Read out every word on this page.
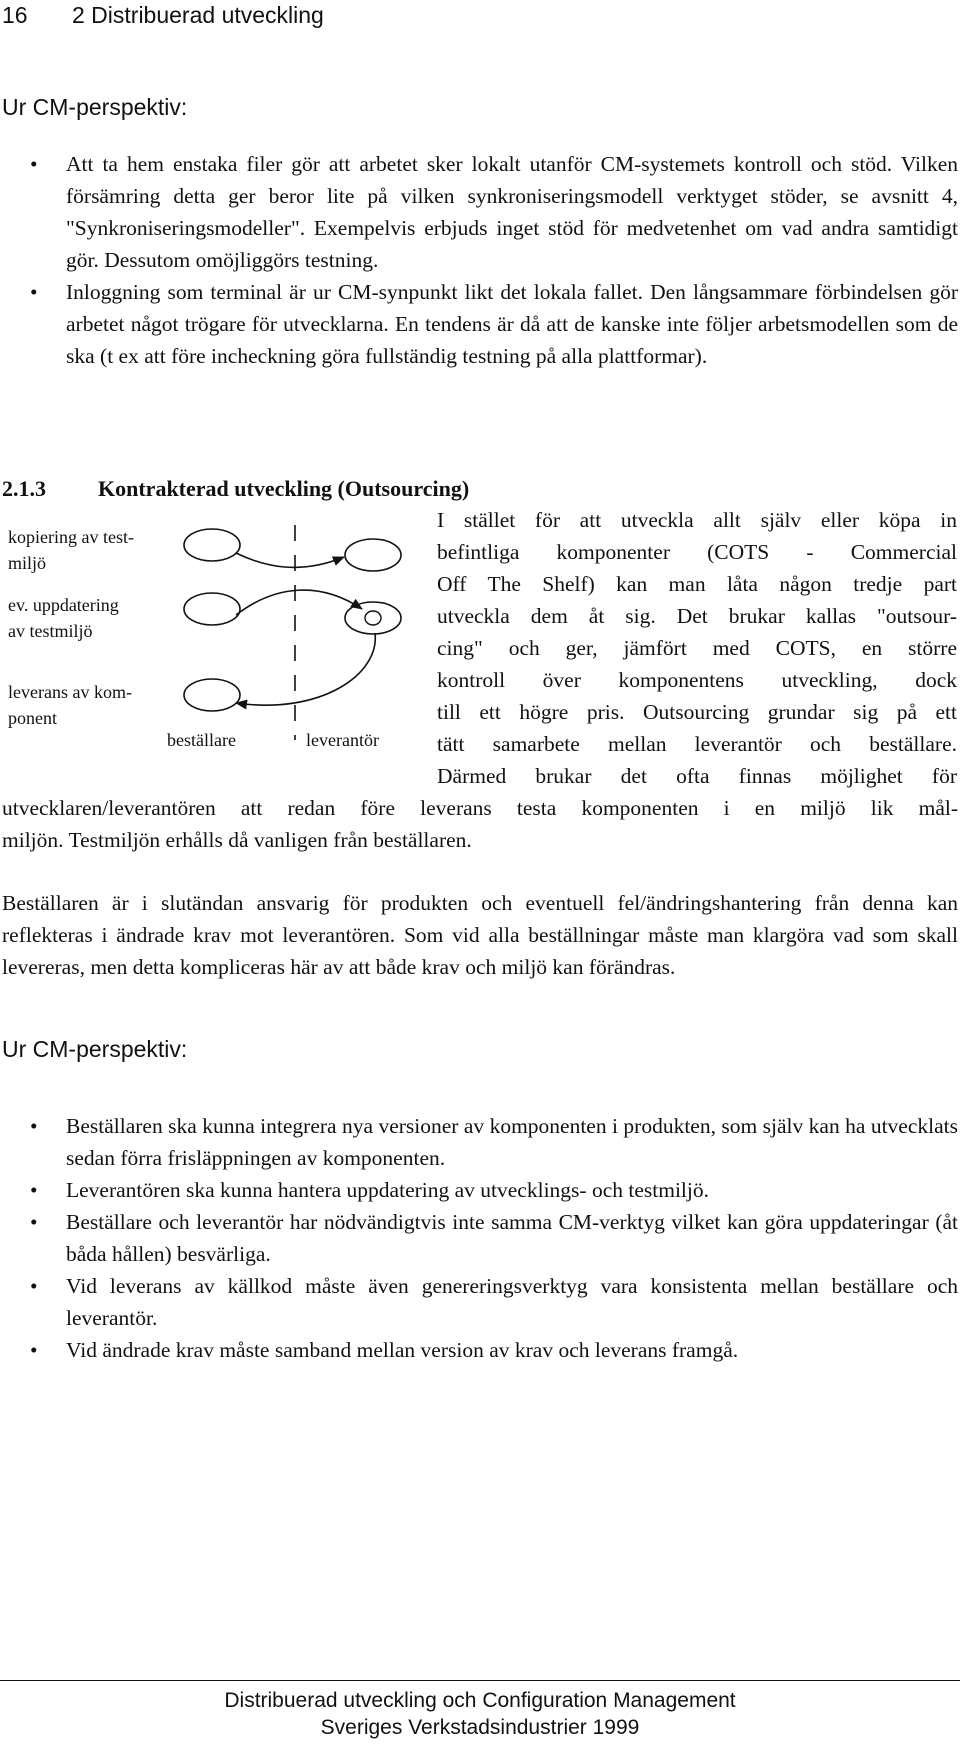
16 2 Distribuerad utveckling
Ur CM-perspektiv:
• Att ta hem enstaka filer gör att arbetet sker lokalt utanför CM-systemets kontroll och stöd. Vilken försämring detta ger beror lite på vilken synkroniseringsmodell verktyget stöder, se avsnitt 4, "Synkroniseringsmodeller". Exempelvis erbjuds inget stöd för medvetenhet om vad andra samtidigt gör. Dessutom omöjliggörs testning.
• Inloggning som terminal är ur CM-synpunkt likt det lokala fallet. Den långsammare förbindelsen gör arbetet något trögare för utvecklarna. En tendens är då att de kanske inte följer arbetsmodellen som de ska (t ex att före incheckning göra fullständig testning på alla plattformar).
2.1.3 Kontrakterad utveckling (Outsourcing)
kopiering av test-
miljö
ev. uppdatering
av testmiljö
leverans av kom-
ponent
beställare	leverantör
I stället för att utveckla allt själv eller köpa in
befintliga komponenter (COTS - Commercial
Off The Shelf) kan man låta någon tredje part
utveckla dem åt sig. Det brukar kallas "outsour-
cing" och ger, jämfört med COTS, en större
kontroll över komponentens utveckling, dock
till ett högre pris. Outsourcing grundar sig på ett
tätt samarbete mellan leverantör och beställare.
Därmed brukar det ofta finnas möjlighet för
utvecklaren/leverantören att redan före leverans testa komponenten i en miljö lik mål-
miljön. Testmiljön erhålls då vanligen från beställaren.
Beställaren är i slutändan ansvarig för produkten och eventuell fel/ändringshantering från denna kan reflekteras i ändrade krav mot leverantören. Som vid alla beställningar måste man klargöra vad som skall levereras, men detta kompliceras här av att både krav och miljö kan förändras.
Ur CM-perspektiv:
• Beställaren ska kunna integrera nya versioner av komponenten i produkten, som själv kan ha utvecklats sedan förra frisläppningen av komponenten.
• Leverantören ska kunna hantera uppdatering av utvecklings- och testmiljö.
• Beställare och leverantör har nödvändigtvis inte samma CM-verktyg vilket kan göra uppdateringar (åt båda hållen) besvärliga.
• Vid leverans av källkod måste även genereringsverktyg vara konsistenta mellan beställare och leverantör.
• Vid ändrade krav måste samband mellan version av krav och leverans framgå.
Distribuerad utveckling och Configuration Management
Sveriges Verkstadsindustrier 1999
